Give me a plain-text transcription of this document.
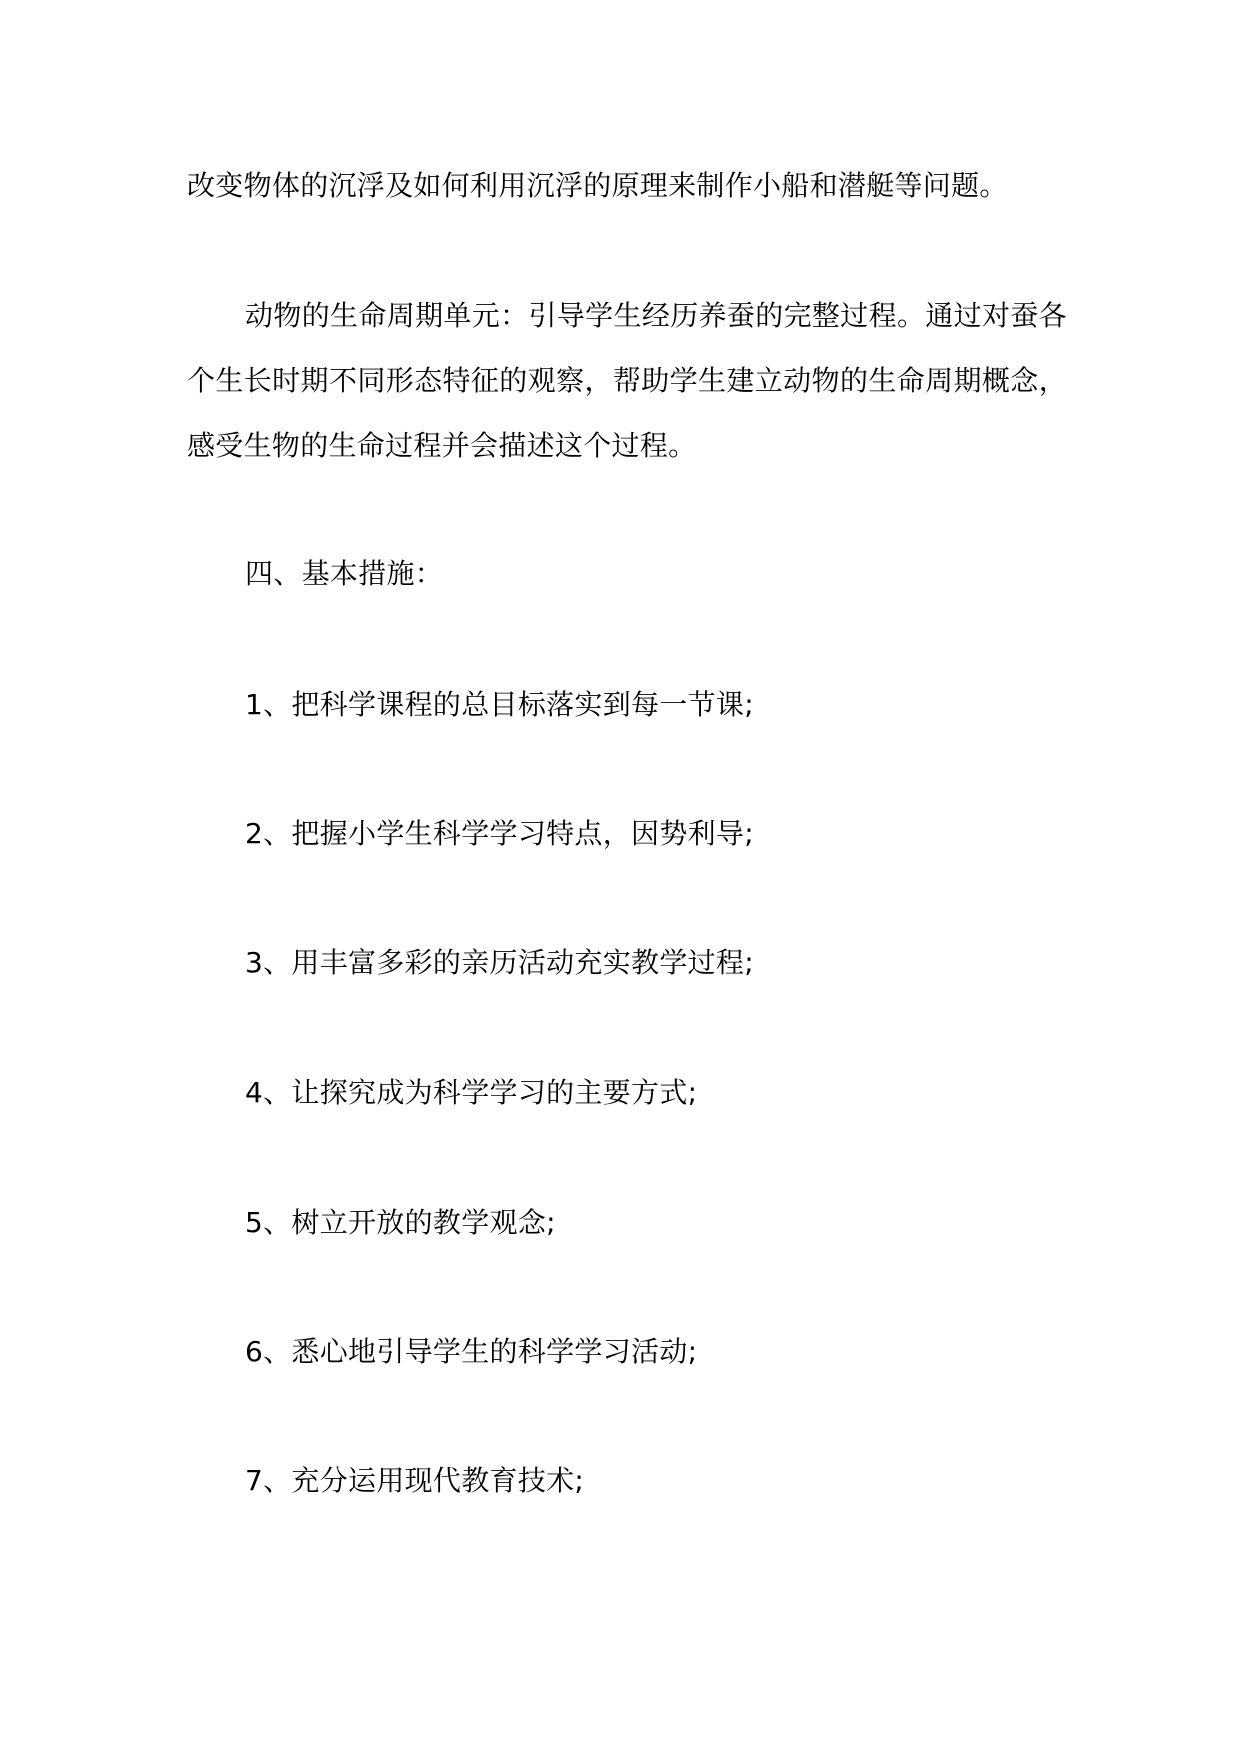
改变物体的沉浮及如何利用沉浮的原理来制作小船和潜艇等问题。
动物的生命周期单元：引导学生经历养蚕的完整过程。通过对蚕各个生长时期不同形态特征的观察，帮助学生建立动物的生命周期概念，感受生物的生命过程并会描述这个过程。
四、基本措施：
1、把科学课程的总目标落实到每一节课;
2、把握小学生科学学习特点，因势利导;
3、用丰富多彩的亲历活动充实教学过程;
4、让探究成为科学学习的主要方式;
5、树立开放的教学观念;
6、悉心地引导学生的科学学习活动;
7、充分运用现代教育技术;
